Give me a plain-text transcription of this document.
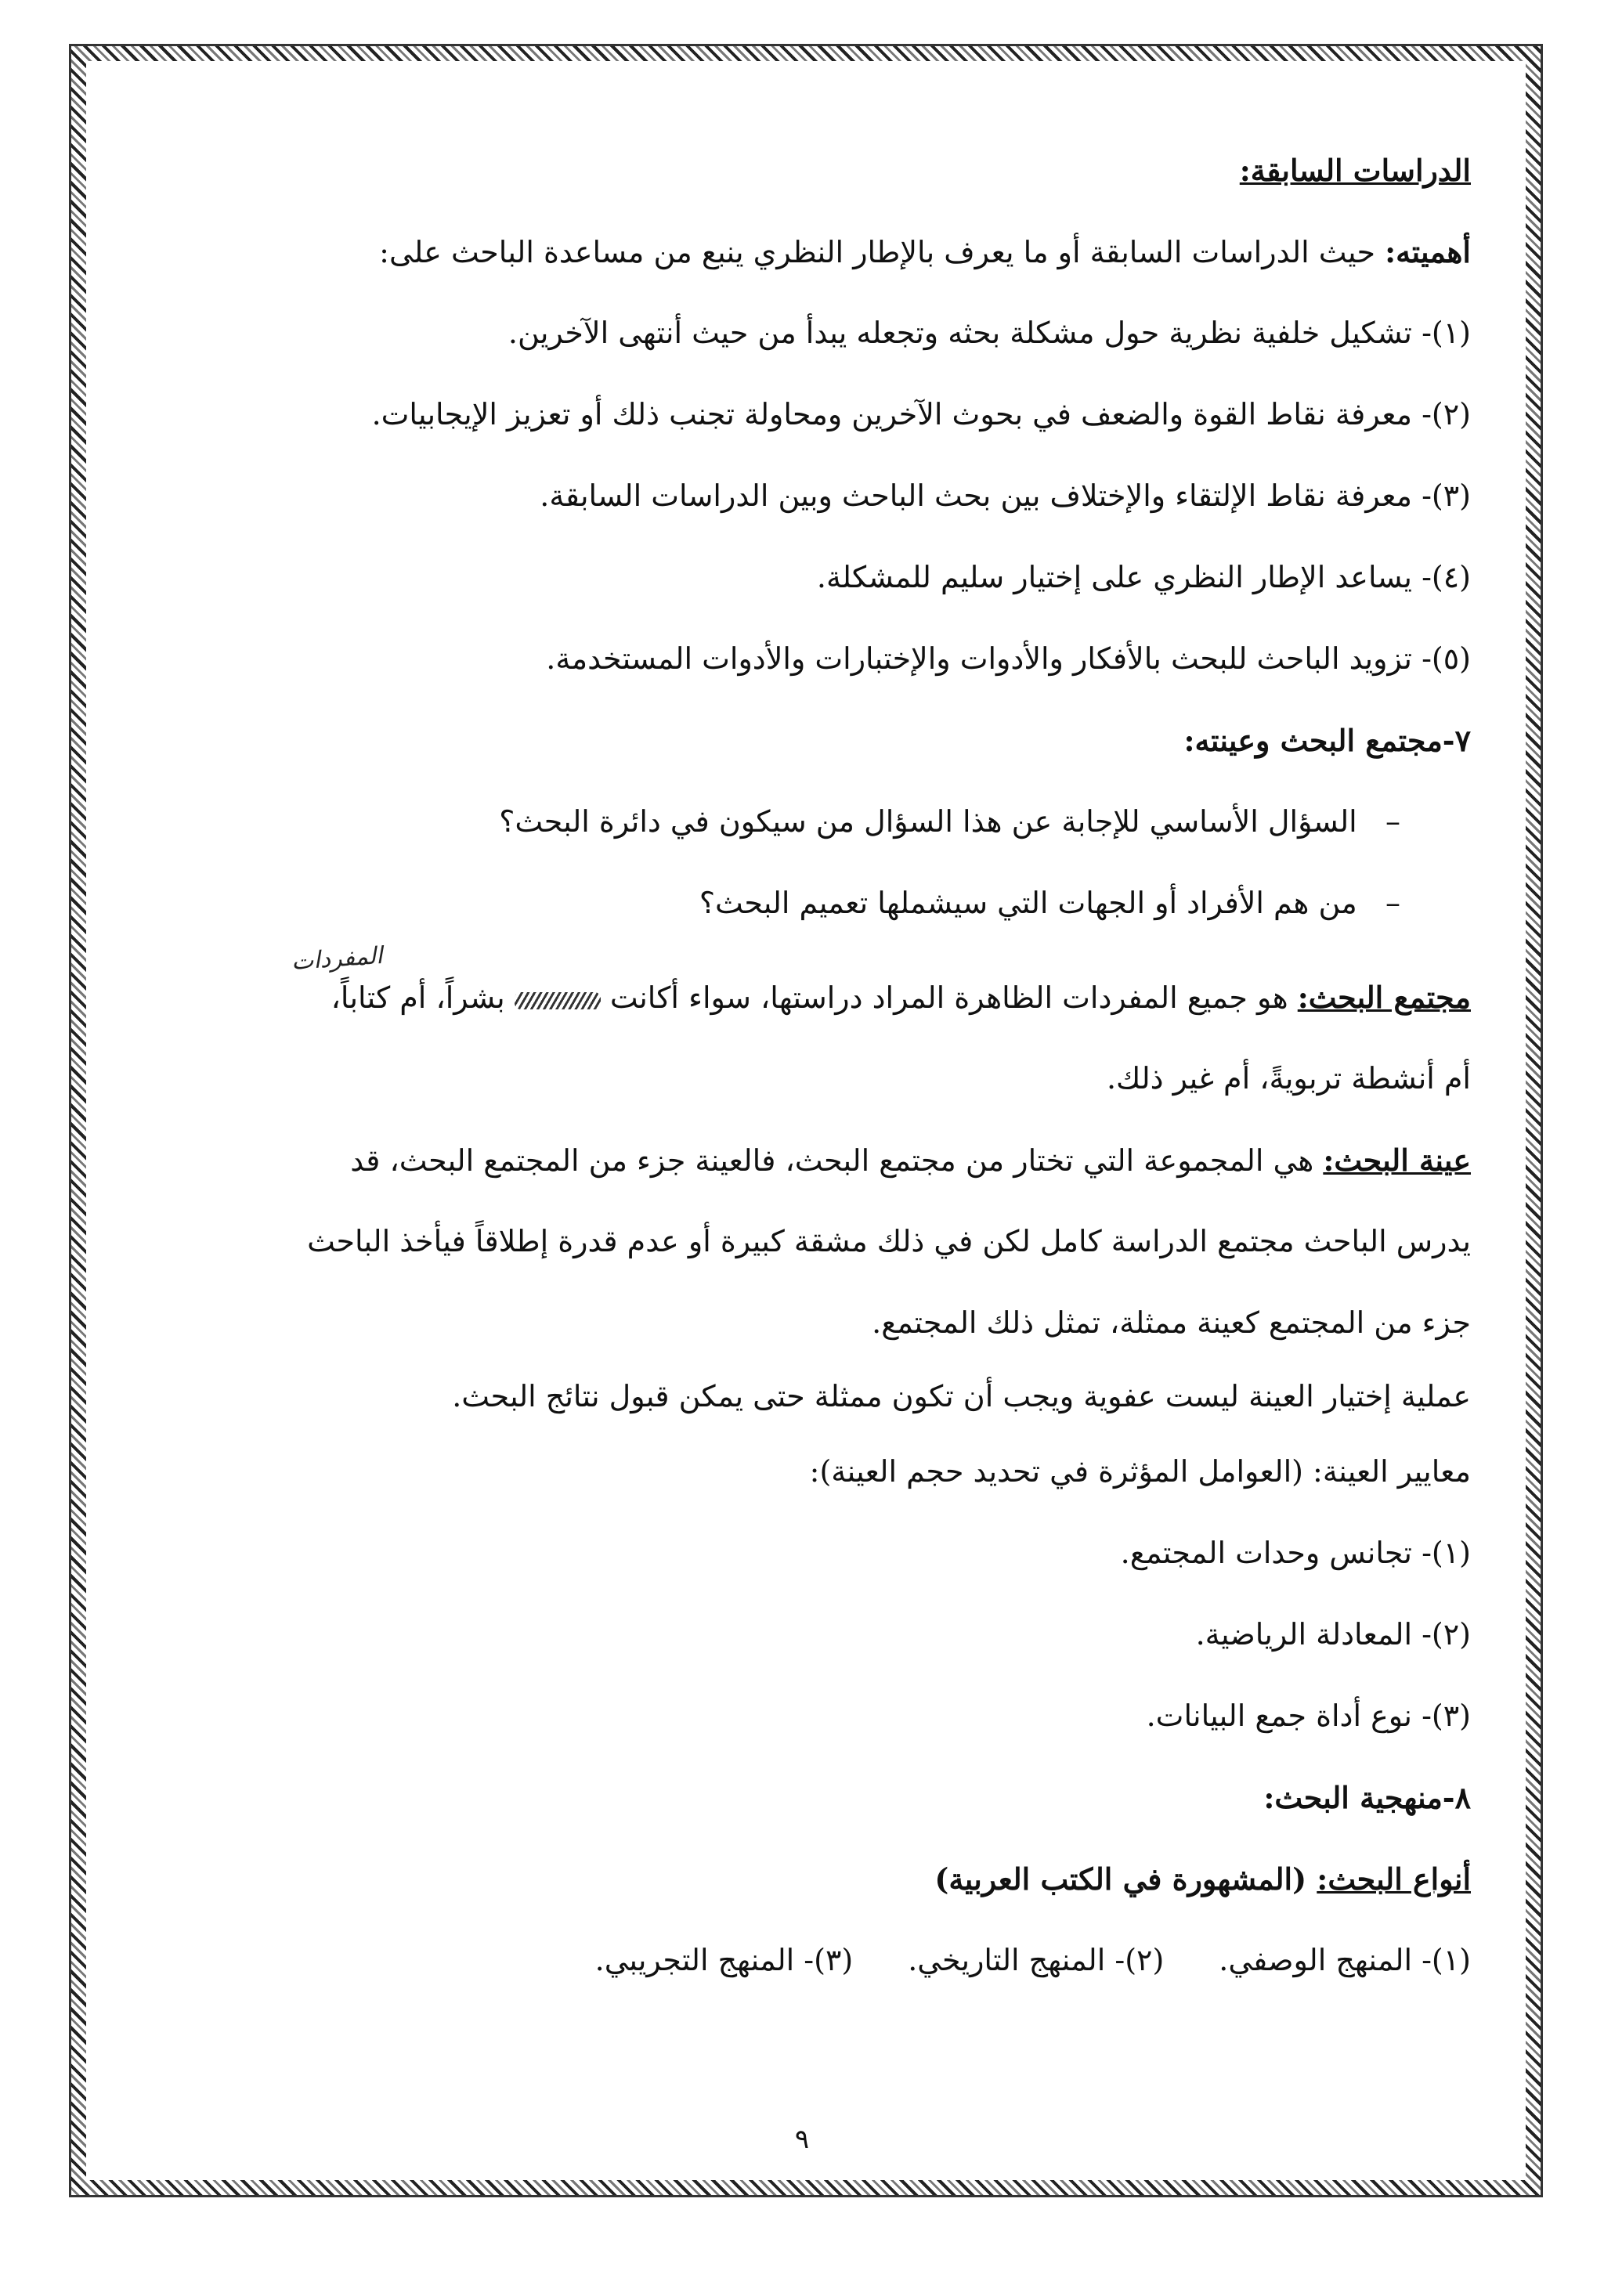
الدراسات السابقة:
أهميته: حيث الدراسات السابقة أو ما يعرف بالإطار النظري ينبع من مساعدة الباحث على:
(١)- تشكيل خلفية نظرية حول مشكلة بحثه وتجعله يبدأ من حيث أنتهى الآخرين.
(٢)- معرفة نقاط القوة والضعف في بحوث الآخرين ومحاولة تجنب ذلك أو تعزيز الإيجابيات.
(٣)- معرفة نقاط الإلتقاء والإختلاف بين بحث الباحث وبين الدراسات السابقة.
(٤)- يساعد الإطار النظري على إختيار سليم للمشكلة.
(٥)- تزويد الباحث للبحث بالأفكار والأدوات والإختبارات والأدوات المستخدمة.
٧-مجتمع البحث وعينته:
–   السؤال الأساسي للإجابة عن هذا السؤال من سيكون في دائرة البحث؟
–   من هم الأفراد أو الجهات التي سيشملها تعميم البحث؟
المفردات
مجتمع البحث: هو جميع المفردات الظاهرة المراد دراستها، سواء أكانت  بشراً، أم كتاباً،
أم أنشطة تربويةً، أم غير ذلك.
عينة البحث: هي المجموعة التي تختار من مجتمع البحث، فالعينة جزء من المجتمع البحث، قد
يدرس الباحث مجتمع الدراسة كامل لكن في ذلك مشقة كبيرة أو عدم قدرة إطلاقاً فيأخذ الباحث
جزء من المجتمع كعينة ممثلة، تمثل ذلك المجتمع.
عملية إختيار العينة ليست عفوية ويجب أن تكون ممثلة حتى يمكن قبول نتائج البحث.
معايير العينة: (العوامل المؤثرة في تحديد حجم العينة):
(١)- تجانس وحدات المجتمع.
(٢)- المعادلة الرياضية.
(٣)- نوع أداة جمع البيانات.
٨-منهجية البحث:
أنواع البحث: (المشهورة في الكتب العربية)
(١)- المنهج الوصفي.
(٢)- المنهج التاريخي.
(٣)- المنهج التجريبي.
٩
